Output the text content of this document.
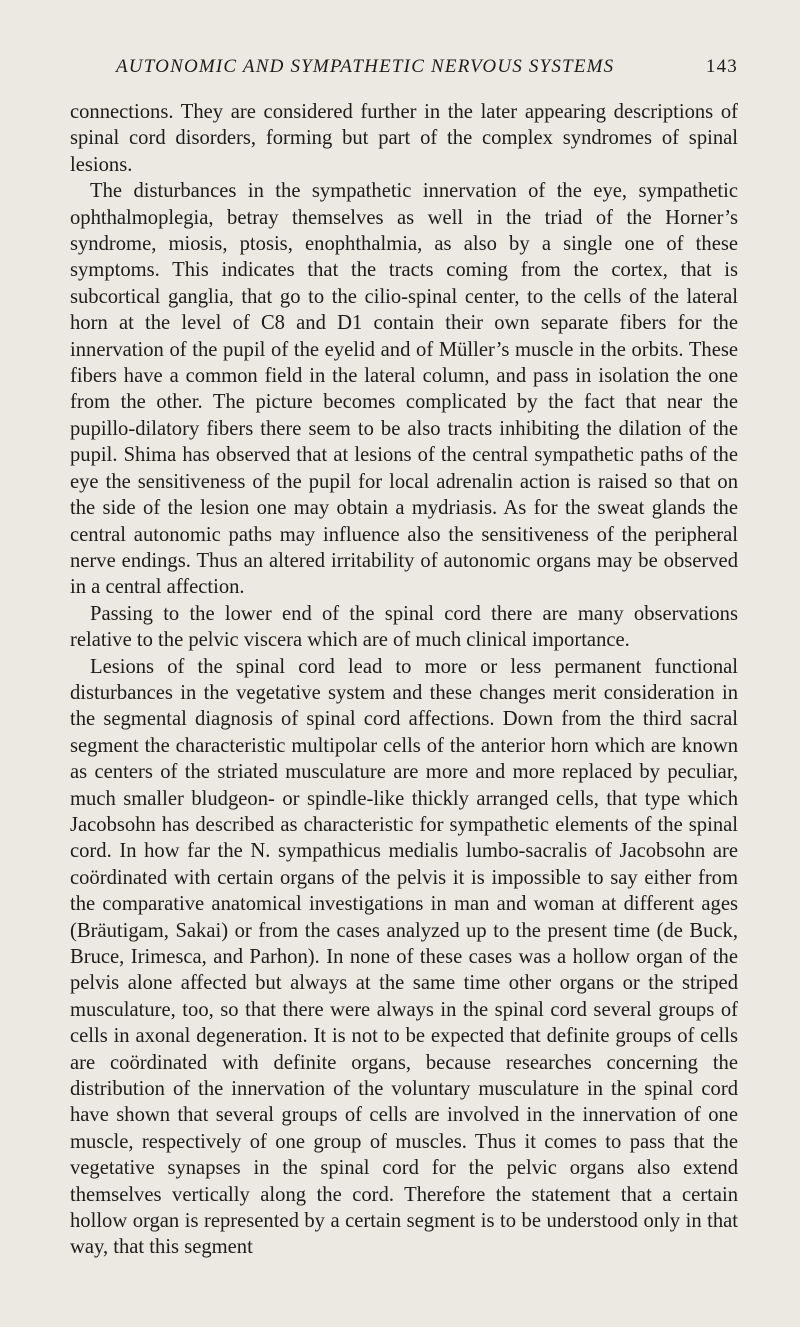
AUTONOMIC AND SYMPATHETIC NERVOUS SYSTEMS	143

connections. They are considered further in the later appearing descriptions of spinal cord disorders, forming but part of the complex syndromes of spinal lesions.

The disturbances in the sympathetic innervation of the eye, sympathetic ophthalmoplegia, betray themselves as well in the triad of the Horner’s syndrome, miosis, ptosis, enophthalmia, as also by a single one of these symptoms. This indicates that the tracts coming from the cortex, that is subcortical ganglia, that go to the cilio-spinal center, to the cells of the lateral horn at the level of C8 and D1 contain their own separate fibers for the innervation of the pupil of the eyelid and of Müller’s muscle in the orbits. These fibers have a common field in the lateral column, and pass in isolation the one from the other. The picture becomes complicated by the fact that near the pupillo-dilatory fibers there seem to be also tracts inhibiting the dilation of the pupil. Shima has observed that at lesions of the central sympathetic paths of the eye the sensitiveness of the pupil for local adrenalin action is raised so that on the side of the lesion one may obtain a mydriasis. As for the sweat glands the central autonomic paths may influence also the sensitiveness of the peripheral nerve endings. Thus an altered irritability of autonomic organs may be observed in a central affection.

Passing to the lower end of the spinal cord there are many observations relative to the pelvic viscera which are of much clinical importance.

Lesions of the spinal cord lead to more or less permanent functional disturbances in the vegetative system and these changes merit consideration in the segmental diagnosis of spinal cord affections. Down from the third sacral segment the characteristic multipolar cells of the anterior horn which are known as centers of the striated musculature are more and more replaced by peculiar, much smaller bludgeon- or spindle-like thickly arranged cells, that type which Jacobsohn has described as characteristic for sympathetic elements of the spinal cord. In how far the N. sympathicus medialis lumbo-sacralis of Jacobsohn are coördinated with certain organs of the pelvis it is impossible to say either from the comparative anatomical investigations in man and woman at different ages (Bräutigam, Sakai) or from the cases analyzed up to the present time (de Buck, Bruce, Irimesca, and Parhon). In none of these cases was a hollow organ of the pelvis alone affected but always at the same time other organs or the striped musculature, too, so that there were always in the spinal cord several groups of cells in axonal degeneration. It is not to be expected that definite groups of cells are coördinated with definite organs, because researches concerning the distribution of the innervation of the voluntary musculature in the spinal cord have shown that several groups of cells are involved in the innervation of one muscle, respectively of one group of muscles. Thus it comes to pass that the vegetative synapses in the spinal cord for the pelvic organs also extend themselves vertically along the cord. Therefore the statement that a certain hollow organ is represented by a certain segment is to be understood only in that way, that this segment
